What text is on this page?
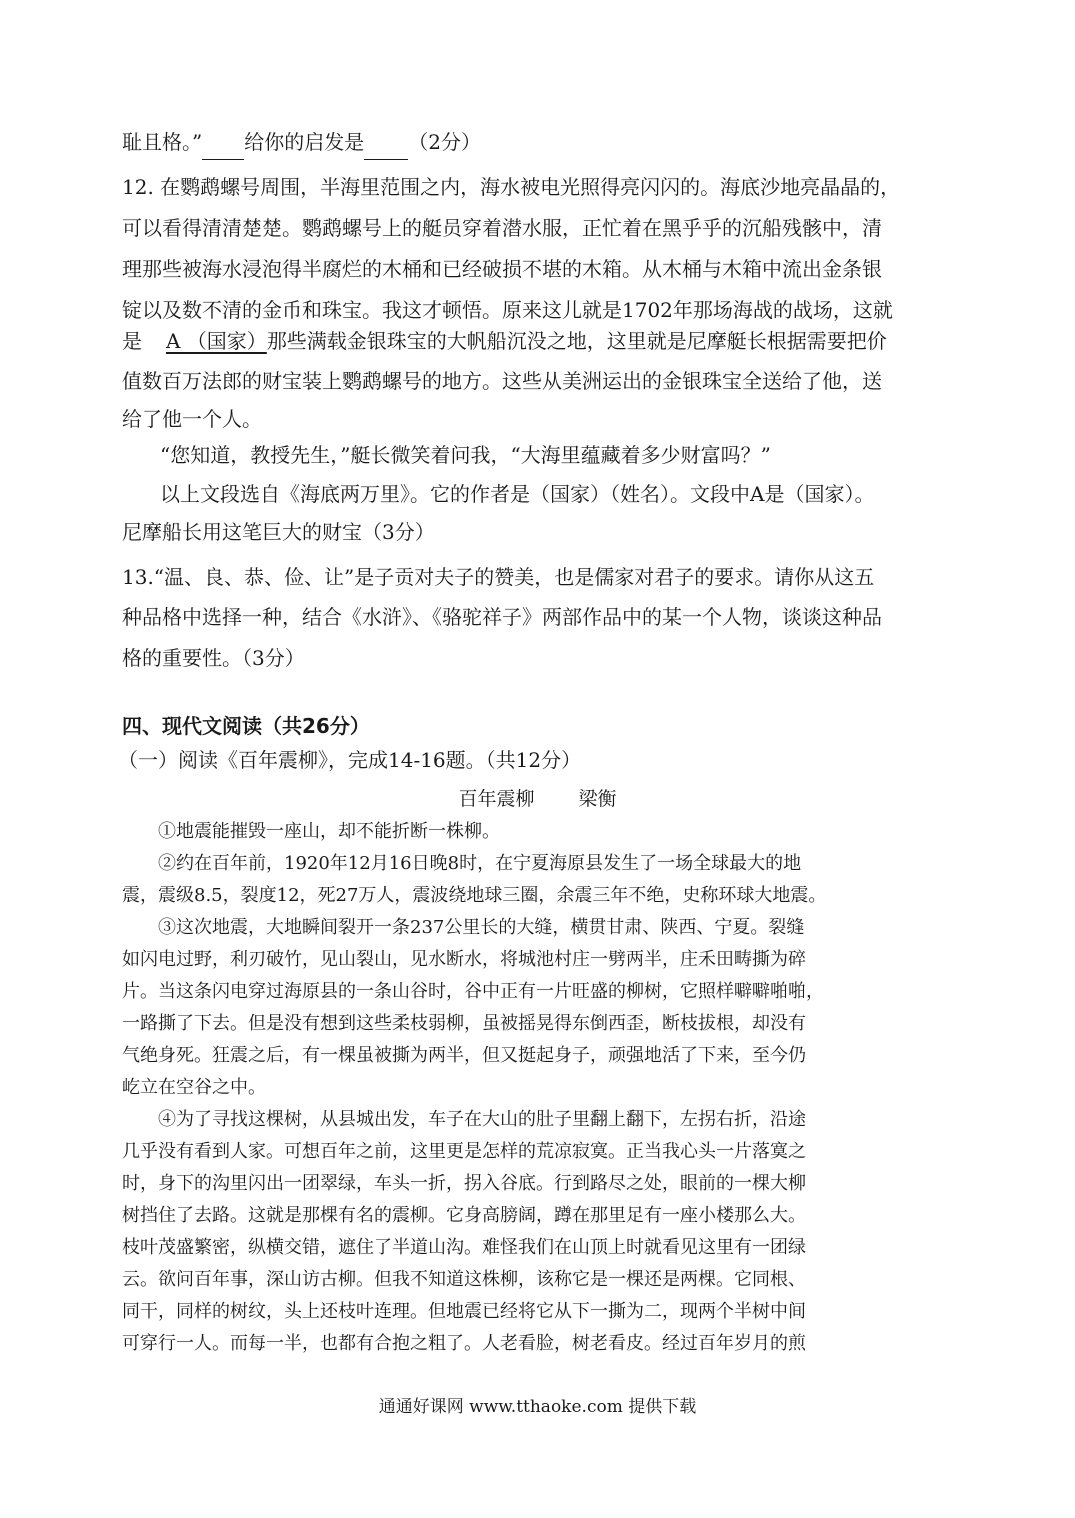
耻且格。” 给你的启发是 （2分）

12. 在鹦鹉螺号周围，半海里范围之内，海水被电光照得亮闪闪的。海底沙地亮晶晶的，

可以看得清清楚楚。鹦鹉螺号上的艇员穿着潜水服，正忙着在黑乎乎的沉船残骸中，清

理那些被海水浸泡得半腐烂的木桶和已经破损不堪的木箱。从木桶与木箱中流出金条银

锭以及数不清的金币和珠宝。我这才顿悟。原来这儿就是1702年那场海战的战场，这就

是 A （国家）那些满载金银珠宝的大帆船沉没之地，这里就是尼摩艇长根据需要把价

值数百万法郎的财宝装上鹦鹉螺号的地方。这些从美洲运出的金银珠宝全送给了他，送

给了他一个人。

“您知道，教授先生，”艇长微笑着问我，“大海里蕴藏着多少财富吗？”

以上文段选自《海底两万里》。它的作者是（国家）（姓名）。文段中A是（国家）。

尼摩船长用这笔巨大的财宝（3分）

13.“温、良、恭、俭、让”是子贡对夫子的赞美，也是儒家对君子的要求。请你从这五

种品格中选择一种，结合《水浒》、《骆驼祥子》两部作品中的某一个人物，谈谈这种品

格的重要性。（3分）

四、现代文阅读（共26分）

（一）阅读《百年震柳》，完成14-16题。（共12分）

百年震柳 梁衡

①地震能摧毁一座山，却不能折断一株柳。

②约在百年前，1920年12月16日晚8时，在宁夏海原县发生了一场全球最大的地

震，震级8.5，裂度12，死27万人，震波绕地球三圈，余震三年不绝，史称环球大地震。

③这次地震，大地瞬间裂开一条237公里长的大缝，横贯甘肃、陕西、宁夏。裂缝

如闪电过野，利刃破竹，见山裂山，见水断水，将城池村庄一劈两半，庄禾田畴撕为碎

片。当这条闪电穿过海原县的一条山谷时，谷中正有一片旺盛的柳树，它照样噼噼啪啪，

一路撕了下去。但是没有想到这些柔枝弱柳，虽被摇晃得东倒西歪，断枝拔根，却没有

气绝身死。狂震之后，有一棵虽被撕为两半，但又挺起身子，顽强地活了下来，至今仍

屹立在空谷之中。

④为了寻找这棵树，从县城出发，车子在大山的肚子里翻上翻下，左拐右折，沿途

几乎没有看到人家。可想百年之前，这里更是怎样的荒凉寂寞。正当我心头一片落寞之

时，身下的沟里闪出一团翠绿，车头一折，拐入谷底。行到路尽之处，眼前的一棵大柳

树挡住了去路。这就是那棵有名的震柳。它身高膀阔，蹲在那里足有一座小楼那么大。

枝叶茂盛繁密，纵横交错，遮住了半道山沟。难怪我们在山顶上时就看见这里有一团绿

云。欲问百年事，深山访古柳。但我不知道这株柳，该称它是一棵还是两棵。它同根、

同干，同样的树纹，头上还枝叶连理。但地震已经将它从下一撕为二，现两个半树中间

可穿行一人。而每一半，也都有合抱之粗了。人老看脸，树老看皮。经过百年岁月的煎

通通好课网 www.tthaoke.com 提供下载
